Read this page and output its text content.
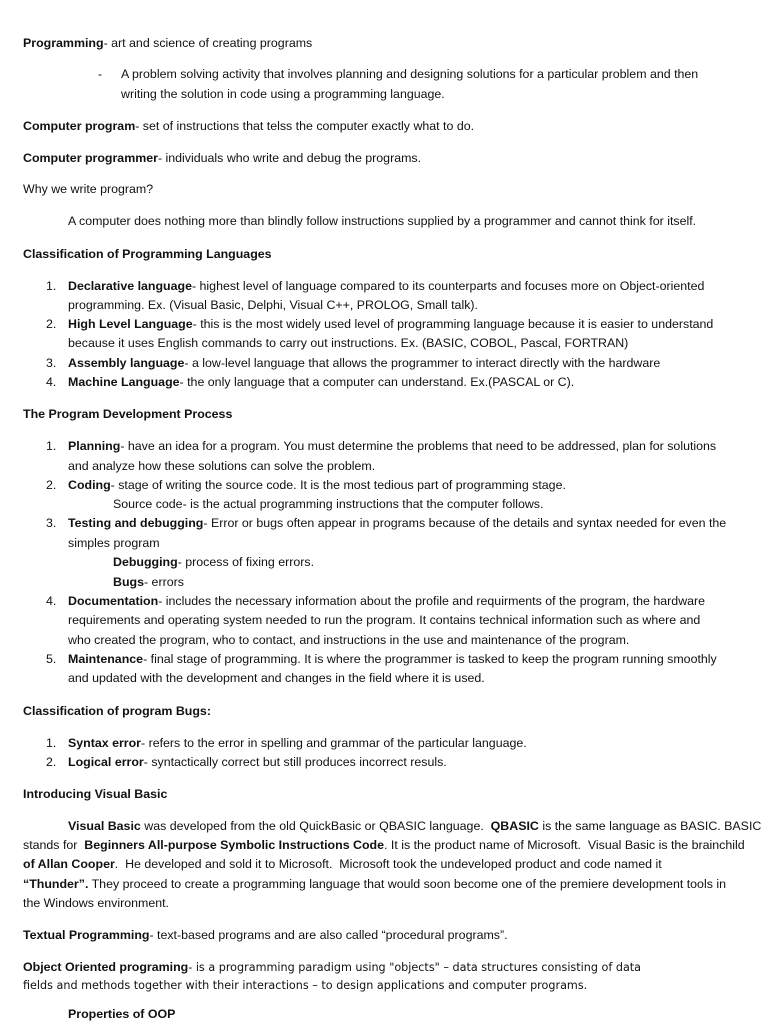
Programming- art and science of creating programs
- A problem solving activity that involves planning and designing solutions for a particular problem and then
writing the solution in code using a programming language.
Computer program- set of instructions that telss the computer exactly what to do.
Computer programmer- individuals who write and debug the programs.
Why we write program?
A computer does nothing more than blindly follow instructions supplied by a programmer and cannot think for itself.
Classification of Programming Languages
1. Declarative language- highest level of language compared to its counterparts and focuses more on Object-oriented
programming. Ex. (Visual Basic, Delphi, Visual C++, PROLOG, Small talk).
2. High Level Language- this is the most widely used level of programming language because it is easier to understand
because it uses English commands to carry out instructions. Ex. (BASIC, COBOL, Pascal, FORTRAN)
3. Assembly language- a low-level language that allows the programmer to interact directly with the hardware
4. Machine Language- the only language that a computer can understand. Ex.(PASCAL or C).
The Program Development Process
1. Planning- have an idea for a program. You must determine the problems that need to be addressed, plan for solutions
and analyze how these solutions can solve the problem.
2. Coding- stage of writing the source code. It is the most tedious part of programming stage.
Source code- is the actual programming instructions that the computer follows.
3. Testing and debugging- Error or bugs often appear in programs because of the details and syntax needed for even the
simples program
Debugging- process of fixing errors.
Bugs- errors
4. Documentation- includes the necessary information about the profile and requirments of the program, the hardware
requirements and operating system needed to run the program. It contains technical information such as where and
who created the program, who to contact, and instructions in the use and maintenance of the program.
5. Maintenance- final stage of programming. It is where the programmer is tasked to keep the program running smoothly
and updated with the development and changes in the field where it is used.
Classification of program Bugs:
1. Syntax error- refers to the error in spelling and grammar of the particular language.
2. Logical error- syntactically correct but still produces incorrect resuls.
Introducing Visual Basic
Visual Basic was developed from the old QuickBasic or QBASIC language.  QBASIC is the same language as BASIC. BASIC
stands for  Beginners All-purpose Symbolic Instructions Code. It is the product name of Microsoft.  Visual Basic is the brainchild
of Allan Cooper.  He developed and sold it to Microsoft.  Microsoft took the undeveloped product and code named it
“Thunder”. They proceed to create a programming language that would soon become one of the premiere development tools in
the Windows environment.
Textual Programming- text-based programs and are also called “procedural programs”.
Object Oriented programing- is a programming paradigm using "objects" – data structures consisting of data
fields and methods together with their interactions – to design applications and computer programs.
Properties of OOP
